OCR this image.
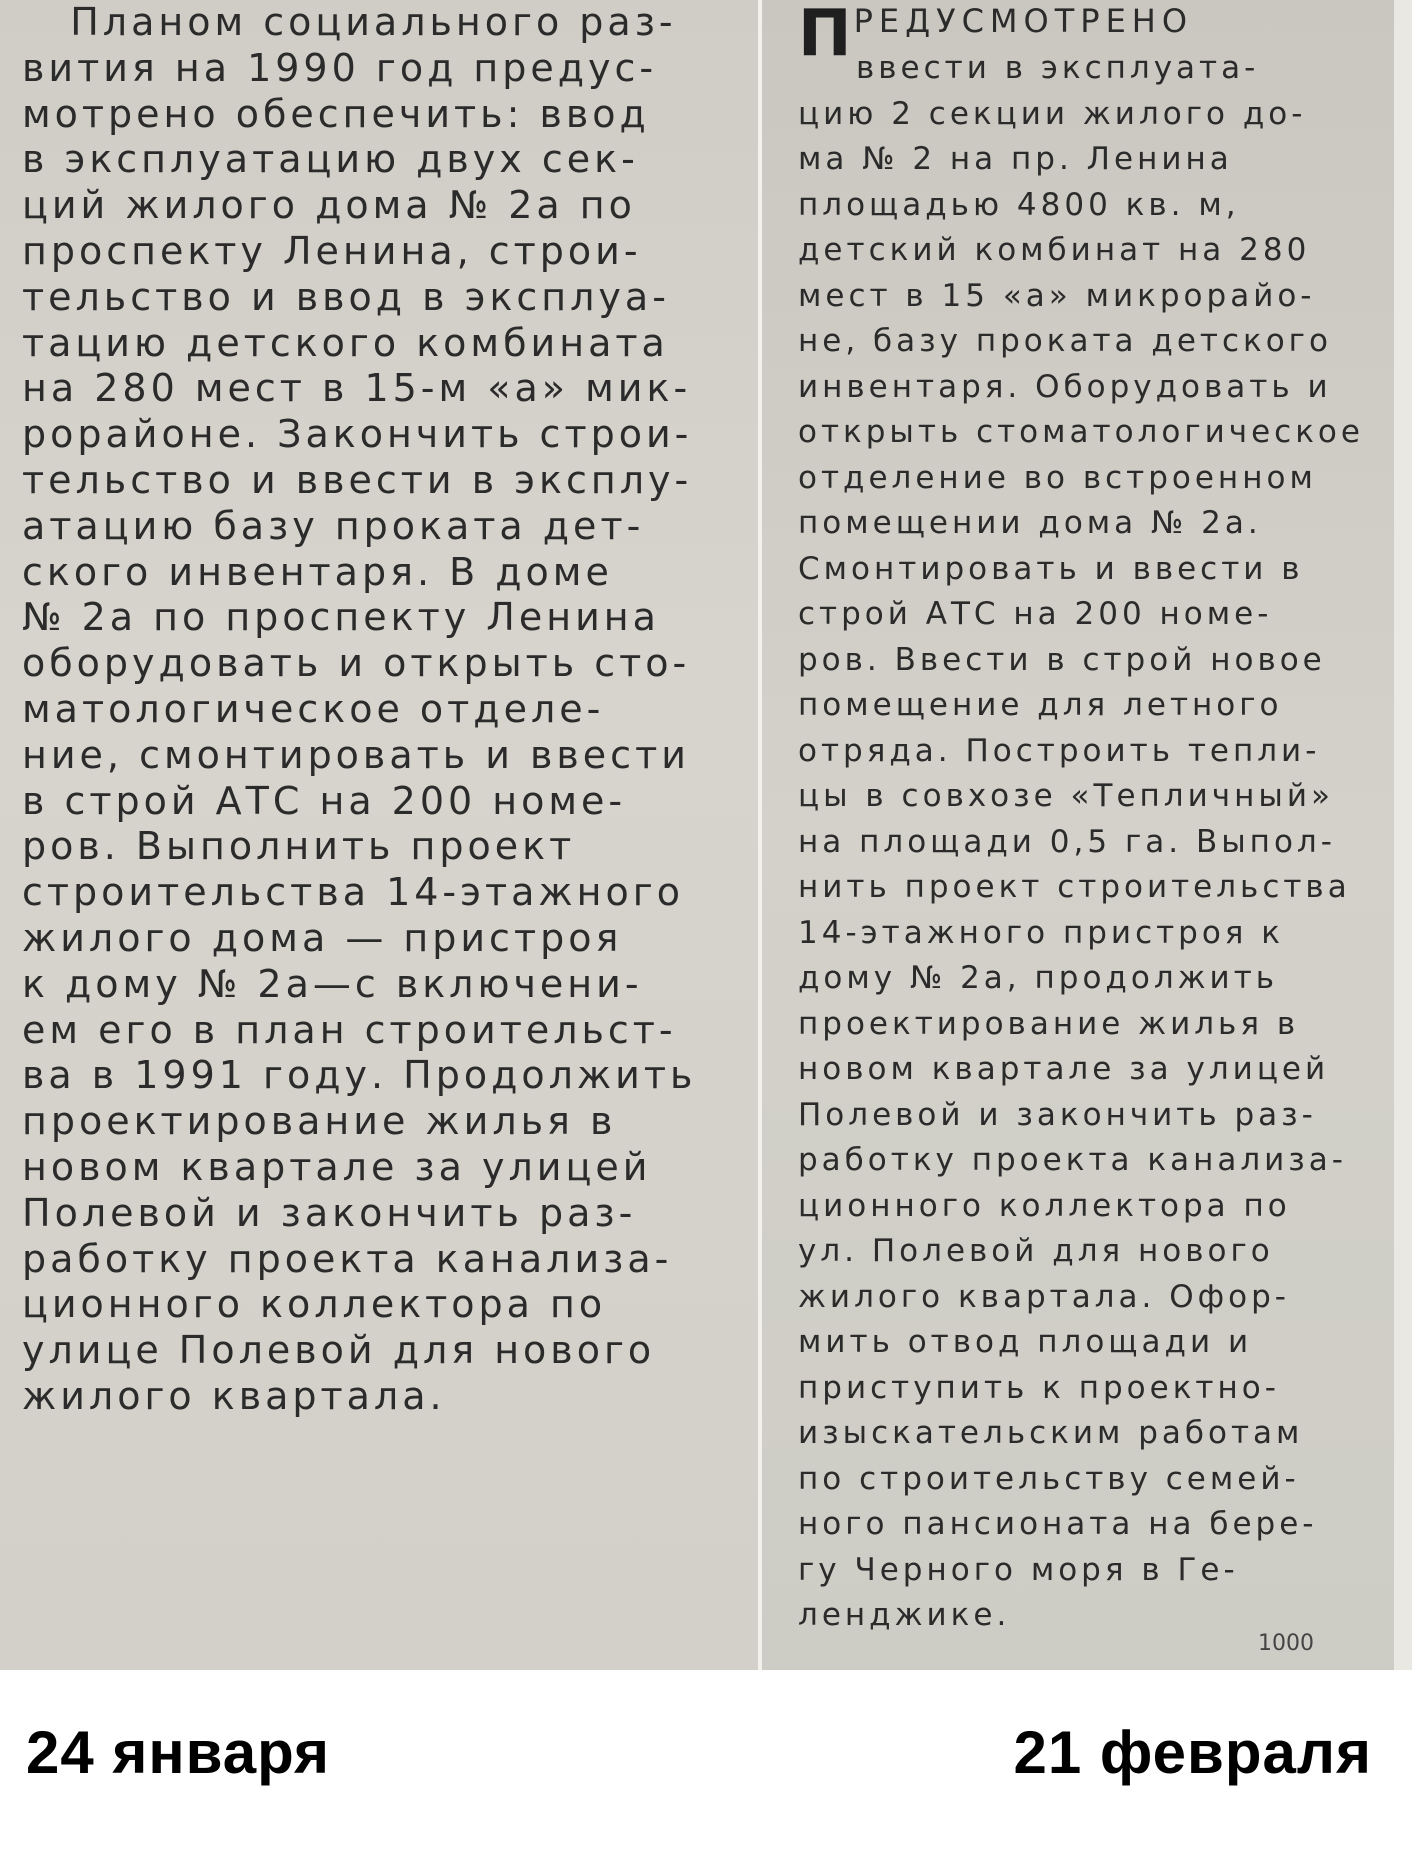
Планом социального раз-
вития на 1990 год предус-
мотрено обеспечить: ввод
в эксплуатацию двух сек-
ций жилого дома № 2а по
проспекту Ленина, строи-
тельство и ввод в эксплуа-
тацию детского комбината
на 280 мест в 15-м «а» мик-
рорайоне. Закончить строи-
тельство и ввести в эксплу-
атацию базу проката дет-
ского инвентаря. В доме
№ 2а по проспекту Ленина
оборудовать и открыть сто-
матологическое отделе-
ние, смонтировать и ввести
в строй АТС на 200 номе-
ров. Выполнить проект
строительства 14-этажного
жилого дома — пристроя
к дому № 2а—с включени-
ем его в план строительст-
ва в 1991 году. Продолжить
проектирование жилья в
новом квартале за улицей
Полевой и закончить раз-
работку проекта канализа-
ционного коллектора по
улице Полевой для нового
жилого квартала.
П РЕДУСМОТРЕНО
ввести в эксплуата-
цию 2 секции жилого до-
ма № 2 на пр. Ленина
площадью 4800 кв. м,
детский комбинат на 280
мест в 15 «а» микрорайо-
не, базу проката детского
инвентаря. Оборудовать и
открыть стоматологическое
отделение во встроенном
помещении дома № 2а.
Смонтировать и ввести в
строй АТС на 200 номе-
ров. Ввести в строй новое
помещение для летного
отряда. Построить тепли-
цы в совхозе «Тепличный»
на площади 0,5 га. Выпол-
нить проект строительства
14-этажного пристроя к
дому № 2а, продолжить
проектирование жилья в
новом квартале за улицей
Полевой и закончить раз-
работку проекта канализа-
ционного коллектора по
ул. Полевой для нового
жилого квартала. Офор-
мить отвод площади и
приступить к проектно-
изыскательским работам
по строительству семей-
ного пансионата на бере-
гу Черного моря в Ге-
ленджике.
1000
24 января	21 февраля
